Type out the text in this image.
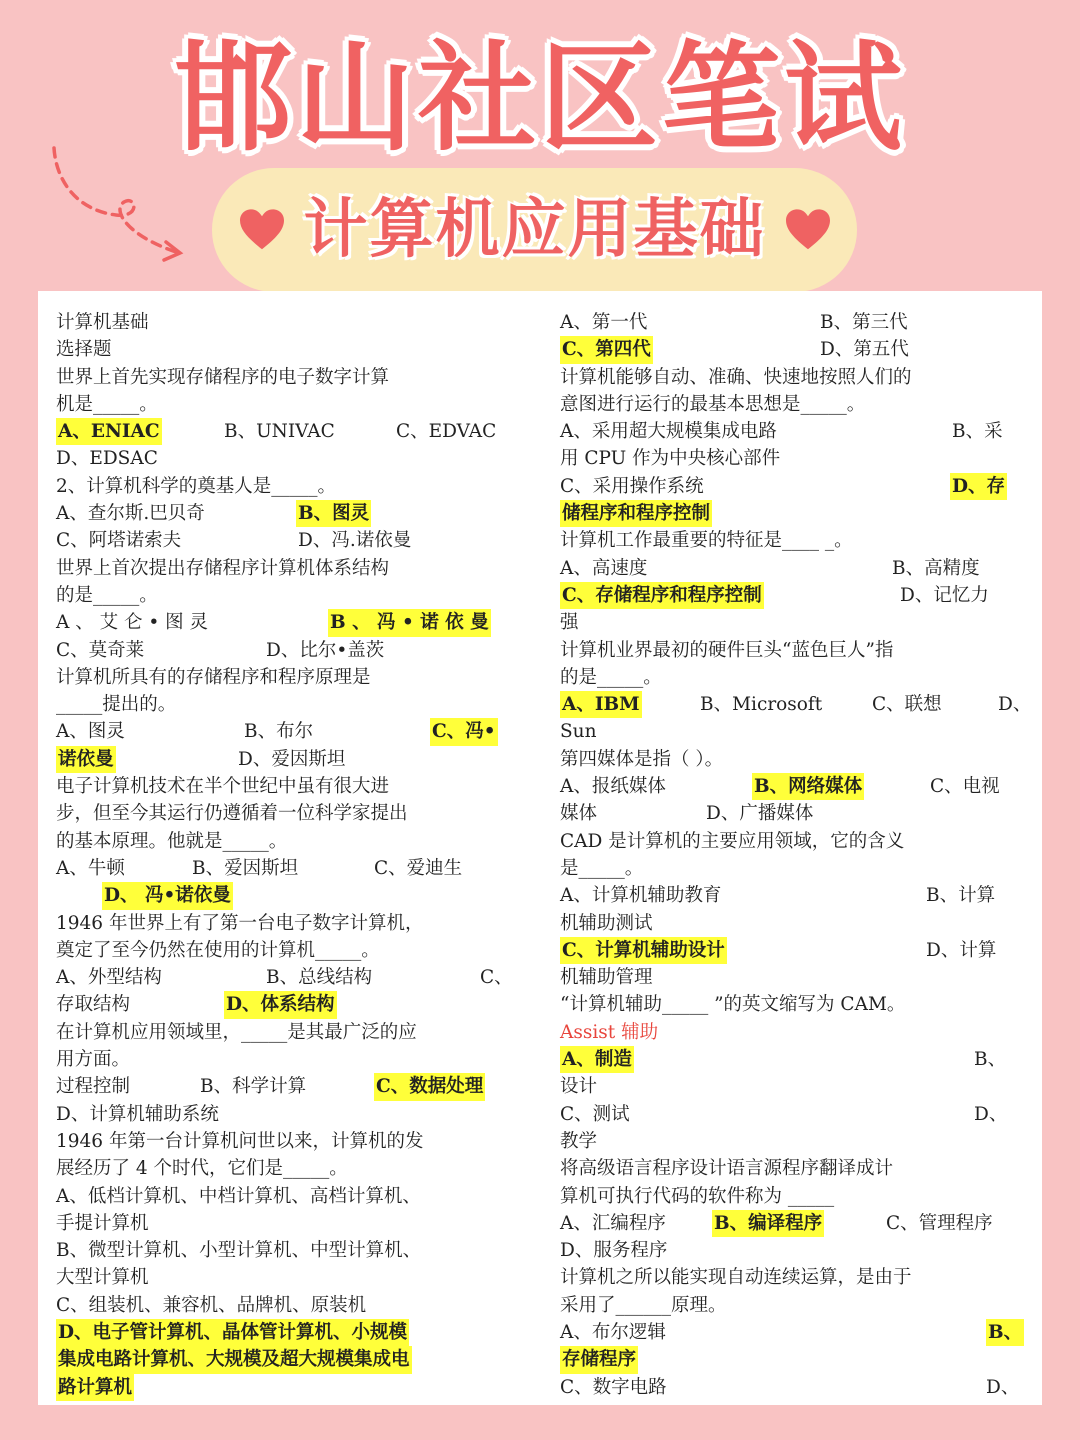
邯山社区笔试
计算机应用基础
计算机基础
选择题
世界上首先实现存储程序的电子数字计算
机是_____。
A、ENIAC	B、UNIVAC	C、EDVAC
D、EDSAC
2、计算机科学的奠基人是_____。
A、查尔斯.巴贝奇	B、图灵
C、阿塔诺索夫	D、冯.诺依曼
世界上首次提出存储程序计算机体系结构
的是_____。
A 、 艾 仑 • 图 灵	B 、 冯 • 诺 依 曼
C、莫奇莱	D、比尔•盖茨
计算机所具有的存储程序和程序原理是
_____提出的。
A、图灵	B、布尔	C、冯•
诺依曼	D、爱因斯坦
电子计算机技术在半个世纪中虽有很大进
步，但至今其运行仍遵循着一位科学家提出
的基本原理。他就是_____。
A、牛顿	B、爱因斯坦	C、爱迪生
D、 冯•诺依曼
1946 年世界上有了第一台电子数字计算机，
奠定了至今仍然在使用的计算机_____。
A、外型结构	B、总线结构	C、
存取结构	D、体系结构
在计算机应用领域里，_____是其最广泛的应
用方面。
过程控制	B、科学计算	C、数据处理
D、计算机辅助系统
1946 年第一台计算机问世以来，计算机的发
展经历了 4 个时代，它们是_____。
A、低档计算机、中档计算机、高档计算机、
手提计算机
B、微型计算机、小型计算机、中型计算机、
大型计算机
C、组装机、兼容机、品牌机、原装机
D、电子管计算机、晶体管计算机、小规模
集成电路计算机、大规模及超大规模集成电
路计算机
A、第一代	B、第三代
C、第四代	D、第五代
计算机能够自动、准确、快速地按照人们的
意图进行运行的最基本思想是_____。
A、采用超大规模集成电路	B、采
用 CPU 作为中央核心部件
C、采用操作系统	D、存
储程序和程序控制
计算机工作最重要的特征是____ _。
A、高速度	B、高精度
C、存储程序和程序控制	D、记忆力
强
计算机业界最初的硬件巨头“蓝色巨人”指
的是_____。
A、IBM	B、Microsoft	C、联想	D、
Sun
第四媒体是指（ ）。
A、报纸媒体	B、网络媒体	C、电视
媒体	D、广播媒体
CAD 是计算机的主要应用领域，它的含义
是_____。
A、计算机辅助教育	B、计算
机辅助测试
C、计算机辅助设计	D、计算
机辅助管理
“计算机辅助_____ ”的英文缩写为 CAM。
Assist 辅助
A、制造	B、
设计
C、测试	D、
教学
将高级语言程序设计语言源程序翻译成计
算机可执行代码的软件称为 _____
A、汇编程序	B、编译程序	C、管理程序
D、服务程序
计算机之所以能实现自动连续运算，是由于
采用了______原理。
A、布尔逻辑	B、
存储程序
C、数字电路	D、
